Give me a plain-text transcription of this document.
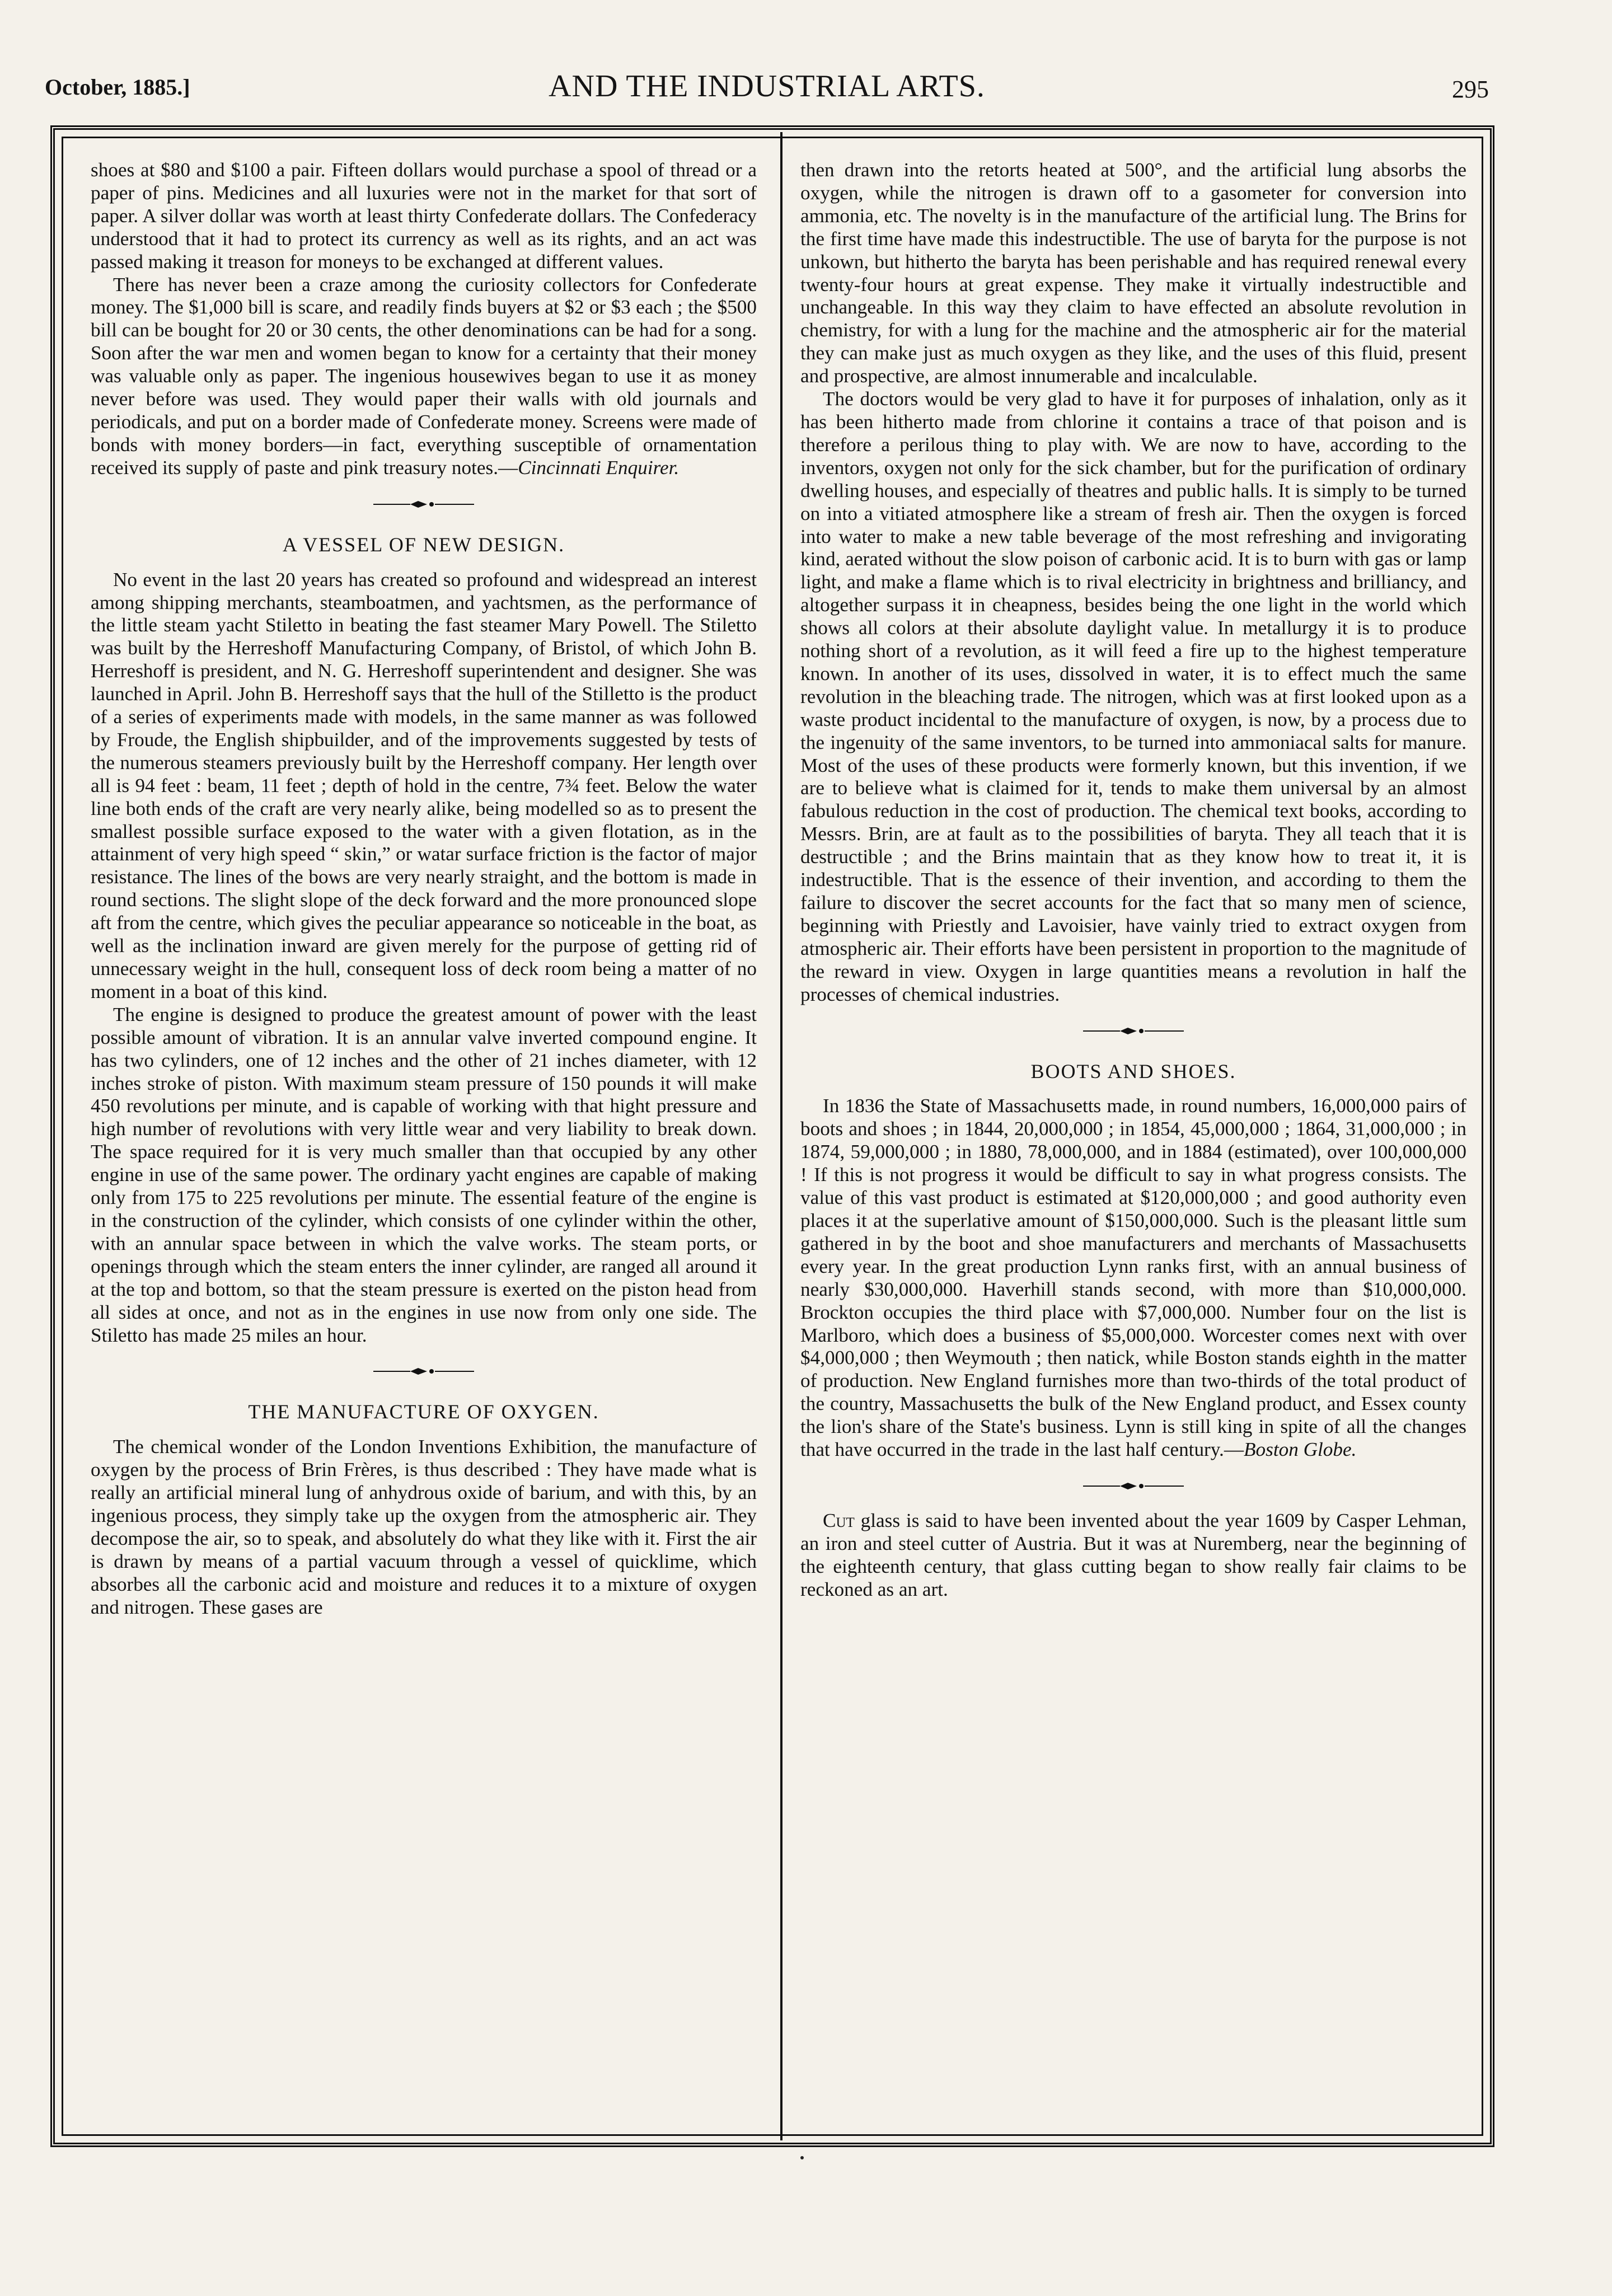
October, 1885.]	AND THE INDUSTRIAL ARTS.	295

shoes at $80 and $100 a pair. Fifteen dollars would purchase a spool of thread or a paper of pins. Medicines and all luxuries were not in the market for that sort of paper. A silver dollar was worth at least thirty Confederate dollars. The Confederacy understood that it had to protect its currency as well as its rights, and an act was passed making it treason for moneys to be exchanged at different values.

There has never been a craze among the curiosity collectors for Confederate money. The $1,000 bill is scare, and readily finds buyers at $2 or $3 each ; the $500 bill can be bought for 20 or 30 cents, the other denominations can be had for a song. Soon after the war men and women began to know for a certainty that their money was valuable only as paper. The ingenious housewives began to use it as money never before was used. They would paper their walls with old journals and periodicals, and put on a border made of Confederate money. Screens were made of bonds with money borders—in fact, everything susceptible of ornamentation received its supply of paste and pink treasury notes.—Cincinnati Enquirer.

A VESSEL OF NEW DESIGN.

No event in the last 20 years has created so profound and widespread an interest among shipping merchants, steamboatmen, and yachtsmen, as the performance of the little steam yacht Stiletto in beating the fast steamer Mary Powell. The Stiletto was built by the Herreshoff Manufacturing Company, of Bristol, of which John B. Herreshoff is president, and N. G. Herreshoff superintendent and designer. She was launched in April. John B. Herreshoff says that the hull of the Stilletto is the product of a series of experiments made with models, in the same manner as was followed by Froude, the English shipbuilder, and of the improvements suggested by tests of the numerous steamers previously built by the Herreshoff company. Her length over all is 94 feet : beam, 11 feet ; depth of hold in the centre, 7¾ feet. Below the water line both ends of the craft are very nearly alike, being modelled so as to present the smallest possible surface exposed to the water with a given flotation, as in the attainment of very high speed “ skin,” or watar surface friction is the factor of major resistance. The lines of the bows are very nearly straight, and the bottom is made in round sections. The slight slope of the deck forward and the more pronounced slope aft from the centre, which gives the peculiar appearance so noticeable in the boat, as well as the inclination inward are given merely for the purpose of getting rid of unnecessary weight in the hull, consequent loss of deck room being a matter of no moment in a boat of this kind.

The engine is designed to produce the greatest amount of power with the least possible amount of vibration. It is an annular valve inverted compound engine. It has two cylinders, one of 12 inches and the other of 21 inches diameter, with 12 inches stroke of piston. With maximum steam pressure of 150 pounds it will make 450 revolutions per minute, and is capable of working with that hight pressure and high number of revolutions with very little wear and very liability to break down. The space required for it is very much smaller than that occupied by any other engine in use of the same power. The ordinary yacht engines are capable of making only from 175 to 225 revolutions per minute. The essential feature of the engine is in the construction of the cylinder, which consists of one cylinder within the other, with an annular space between in which the valve works. The steam ports, or openings through which the steam enters the inner cylinder, are ranged all around it at the top and bottom, so that the steam pressure is exerted on the piston head from all sides at once, and not as in the engines in use now from only one side. The Stiletto has made 25 miles an hour.

THE MANUFACTURE OF OXYGEN.

The chemical wonder of the London Inventions Exhibition, the manufacture of oxygen by the process of Brin Frères, is thus described : They have made what is really an artificial mineral lung of anhydrous oxide of barium, and with this, by an ingenious process, they simply take up the oxygen from the atmospheric air. They decompose the air, so to speak, and absolutely do what they like with it. First the air is drawn by means of a partial vacuum through a vessel of quicklime, which absorbes all the carbonic acid and moisture and reduces it to a mixture of oxygen and nitrogen. These gases are

then drawn into the retorts heated at 500°, and the artificial lung absorbs the oxygen, while the nitrogen is drawn off to a gasometer for conversion into ammonia, etc. The novelty is in the manufacture of the artificial lung. The Brins for the first time have made this indestructible. The use of baryta for the purpose is not unkown, but hitherto the baryta has been perishable and has required renewal every twenty-four hours at great expense. They make it virtually indestructible and unchangeable. In this way they claim to have effected an absolute revolution in chemistry, for with a lung for the machine and the atmospheric air for the material they can make just as much oxygen as they like, and the uses of this fluid, present and prospective, are almost innumerable and incalculable.

The doctors would be very glad to have it for purposes of inhalation, only as it has been hitherto made from chlorine it contains a trace of that poison and is therefore a perilous thing to play with. We are now to have, according to the inventors, oxygen not only for the sick chamber, but for the purification of ordinary dwelling houses, and especially of theatres and public halls. It is simply to be turned on into a vitiated atmosphere like a stream of fresh air. Then the oxygen is forced into water to make a new table beverage of the most refreshing and invigorating kind, aerated without the slow poison of carbonic acid. It is to burn with gas or lamp light, and make a flame which is to rival electricity in brightness and brilliancy, and altogether surpass it in cheapness, besides being the one light in the world which shows all colors at their absolute daylight value. In metallurgy it is to produce nothing short of a revolution, as it will feed a fire up to the highest temperature known. In another of its uses, dissolved in water, it is to effect much the same revolution in the bleaching trade. The nitrogen, which was at first looked upon as a waste product incidental to the manufacture of oxygen, is now, by a process due to the ingenuity of the same inventors, to be turned into ammoniacal salts for manure. Most of the uses of these products were formerly known, but this invention, if we are to believe what is claimed for it, tends to make them universal by an almost fabulous reduction in the cost of production. The chemical text books, according to Messrs. Brin, are at fault as to the possibilities of baryta. They all teach that it is destructible ; and the Brins maintain that as they know how to treat it, it is indestructible. That is the essence of their invention, and according to them the failure to discover the secret accounts for the fact that so many men of science, beginning with Priestly and Lavoisier, have vainly tried to extract oxygen from atmospheric air. Their efforts have been persistent in proportion to the magnitude of the reward in view. Oxygen in large quantities means a revolution in half the processes of chemical industries.

BOOTS AND SHOES.

In 1836 the State of Massachusetts made, in round numbers, 16,000,000 pairs of boots and shoes ; in 1844, 20,000,000 ; in 1854, 45,000,000 ; 1864, 31,000,000 ; in 1874, 59,000,000 ; in 1880, 78,000,000, and in 1884 (estimated), over 100,000,000 ! If this is not progress it would be difficult to say in what progress consists. The value of this vast product is estimated at $120,000,000 ; and good authority even places it at the superlative amount of $150,000,000. Such is the pleasant little sum gathered in by the boot and shoe manufacturers and merchants of Massachusetts every year. In the great production Lynn ranks first, with an annual business of nearly $30,000,000. Haverhill stands second, with more than $10,000,000. Brockton occupies the third place with $7,000,000. Number four on the list is Marlboro, which does a business of $5,000,000. Worcester comes next with over $4,000,000 ; then Weymouth ; then natick, while Boston stands eighth in the matter of production. New England furnishes more than two-thirds of the total product of the country, Massachusetts the bulk of the New England product, and Essex county the lion's share of the State's business. Lynn is still king in spite of all the changes that have occurred in the trade in the last half century.—Boston Globe.

Cut glass is said to have been invented about the year 1609 by Casper Lehman, an iron and steel cutter of Austria. But it was at Nuremberg, near the beginning of the eighteenth century, that glass cutting began to show really fair claims to be reckoned as an art.
